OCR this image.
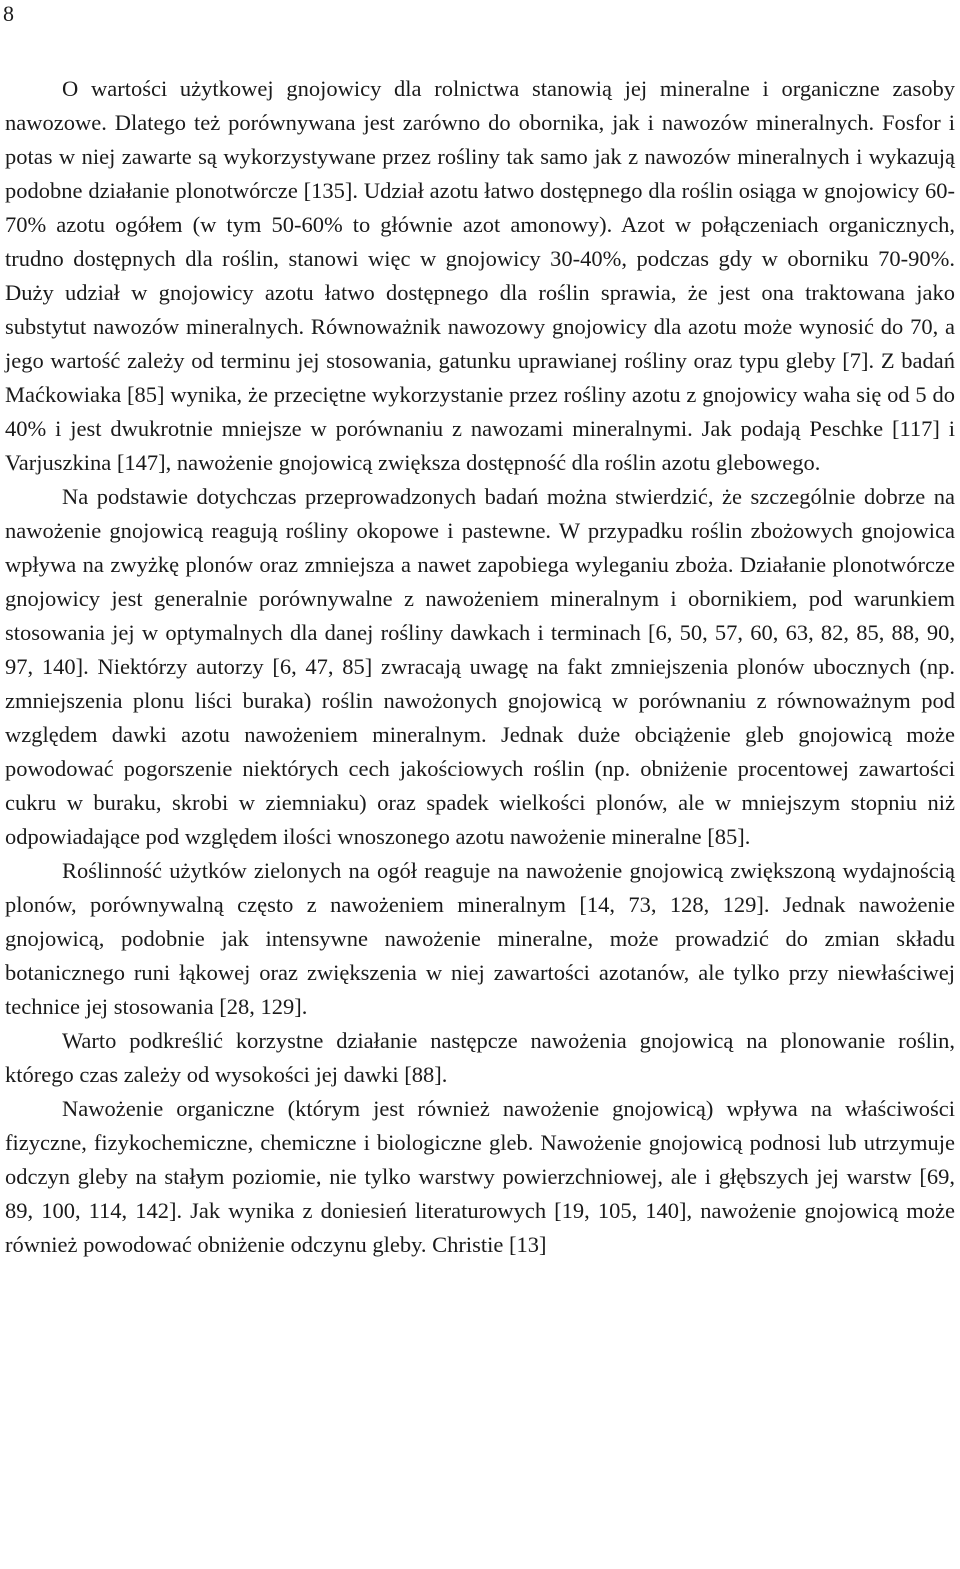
8

O wartości użytkowej gnojowicy dla rolnictwa stanowią jej mineralne i organiczne zasoby nawozowe. Dlatego też porównywana jest zarówno do obornika, jak i nawozów mineralnych. Fosfor i potas w niej zawarte są wykorzystywane przez rośliny tak samo jak z nawozów mineralnych i wykazują podobne działanie plonotwórcze [135]. Udział azotu łatwo dostępnego dla roślin osiąga w gnojowicy 60-70% azotu ogółem (w tym 50-60% to głównie azot amonowy). Azot w połączeniach organicznych, trudno dostępnych dla roślin, stanowi więc w gnojowicy 30-40%, podczas gdy w oborniku 70-90%. Duży udział w gnojowicy azotu łatwo dostępnego dla roślin sprawia, że jest ona traktowana jako substytut nawozów mineralnych. Równoważnik nawozowy gnojowicy dla azotu może wynosić do 70, a jego wartość zależy od terminu jej stosowania, gatunku uprawianej rośliny oraz typu gleby [7]. Z badań Maćkowiaka [85] wynika, że przeciętne wykorzystanie przez rośliny azotu z gnojowicy waha się od 5 do 40% i jest dwukrotnie mniejsze w porównaniu z nawozami mineralnymi. Jak podają Peschke [117] i Varjuszkina [147], nawożenie gnojowicą zwiększa dostępność dla roślin azotu glebowego.

Na podstawie dotychczas przeprowadzonych badań można stwierdzić, że szczególnie dobrze na nawożenie gnojowicą reagują rośliny okopowe i pastewne. W przypadku roślin zbożowych gnojowica wpływa na zwyżkę plonów oraz zmniejsza a nawet zapobiega wyleganiu zboża. Działanie plonotwórcze gnojowicy jest generalnie porównywalne z nawożeniem mineralnym i obornikiem, pod warunkiem stosowania jej w optymalnych dla danej rośliny dawkach i terminach [6, 50, 57, 60, 63, 82, 85, 88, 90, 97, 140]. Niektórzy autorzy [6, 47, 85] zwracają uwagę na fakt zmniejszenia plonów ubocznych (np. zmniejszenia plonu liści buraka) roślin nawożonych gnojowicą w porównaniu z równoważnym pod względem dawki azotu nawożeniem mineralnym. Jednak duże obciążenie gleb gnojowicą może powodować pogorszenie niektórych cech jakościowych roślin (np. obniżenie procentowej zawartości cukru w buraku, skrobi w ziemniaku) oraz spadek wielkości plonów, ale w mniejszym stopniu niż odpowiadające pod względem ilości wnoszonego azotu nawożenie mineralne [85].

Roślinność użytków zielonych na ogół reaguje na nawożenie gnojowicą zwiększoną wydajnością plonów, porównywalną często z nawożeniem mineralnym [14, 73, 128, 129]. Jednak nawożenie gnojowicą, podobnie jak intensywne nawożenie mineralne, może prowadzić do zmian składu botanicznego runi łąkowej oraz zwiększenia w niej zawartości azotanów, ale tylko przy niewłaściwej technice jej stosowania [28, 129].

Warto podkreślić korzystne działanie następcze nawożenia gnojowicą na plonowanie roślin, którego czas zależy od wysokości jej dawki [88].

Nawożenie organiczne (którym jest również nawożenie gnojowicą) wpływa na właściwości fizyczne, fizykochemiczne, chemiczne i biologiczne gleb. Nawożenie gnojowicą podnosi lub utrzymuje odczyn gleby na stałym poziomie, nie tylko warstwy powierzchniowej, ale i głębszych jej warstw [69, 89, 100, 114, 142]. Jak wynika z doniesień literaturowych [19, 105, 140], nawożenie gnojowicą może również powodować obniżenie odczynu gleby. Christie [13]
